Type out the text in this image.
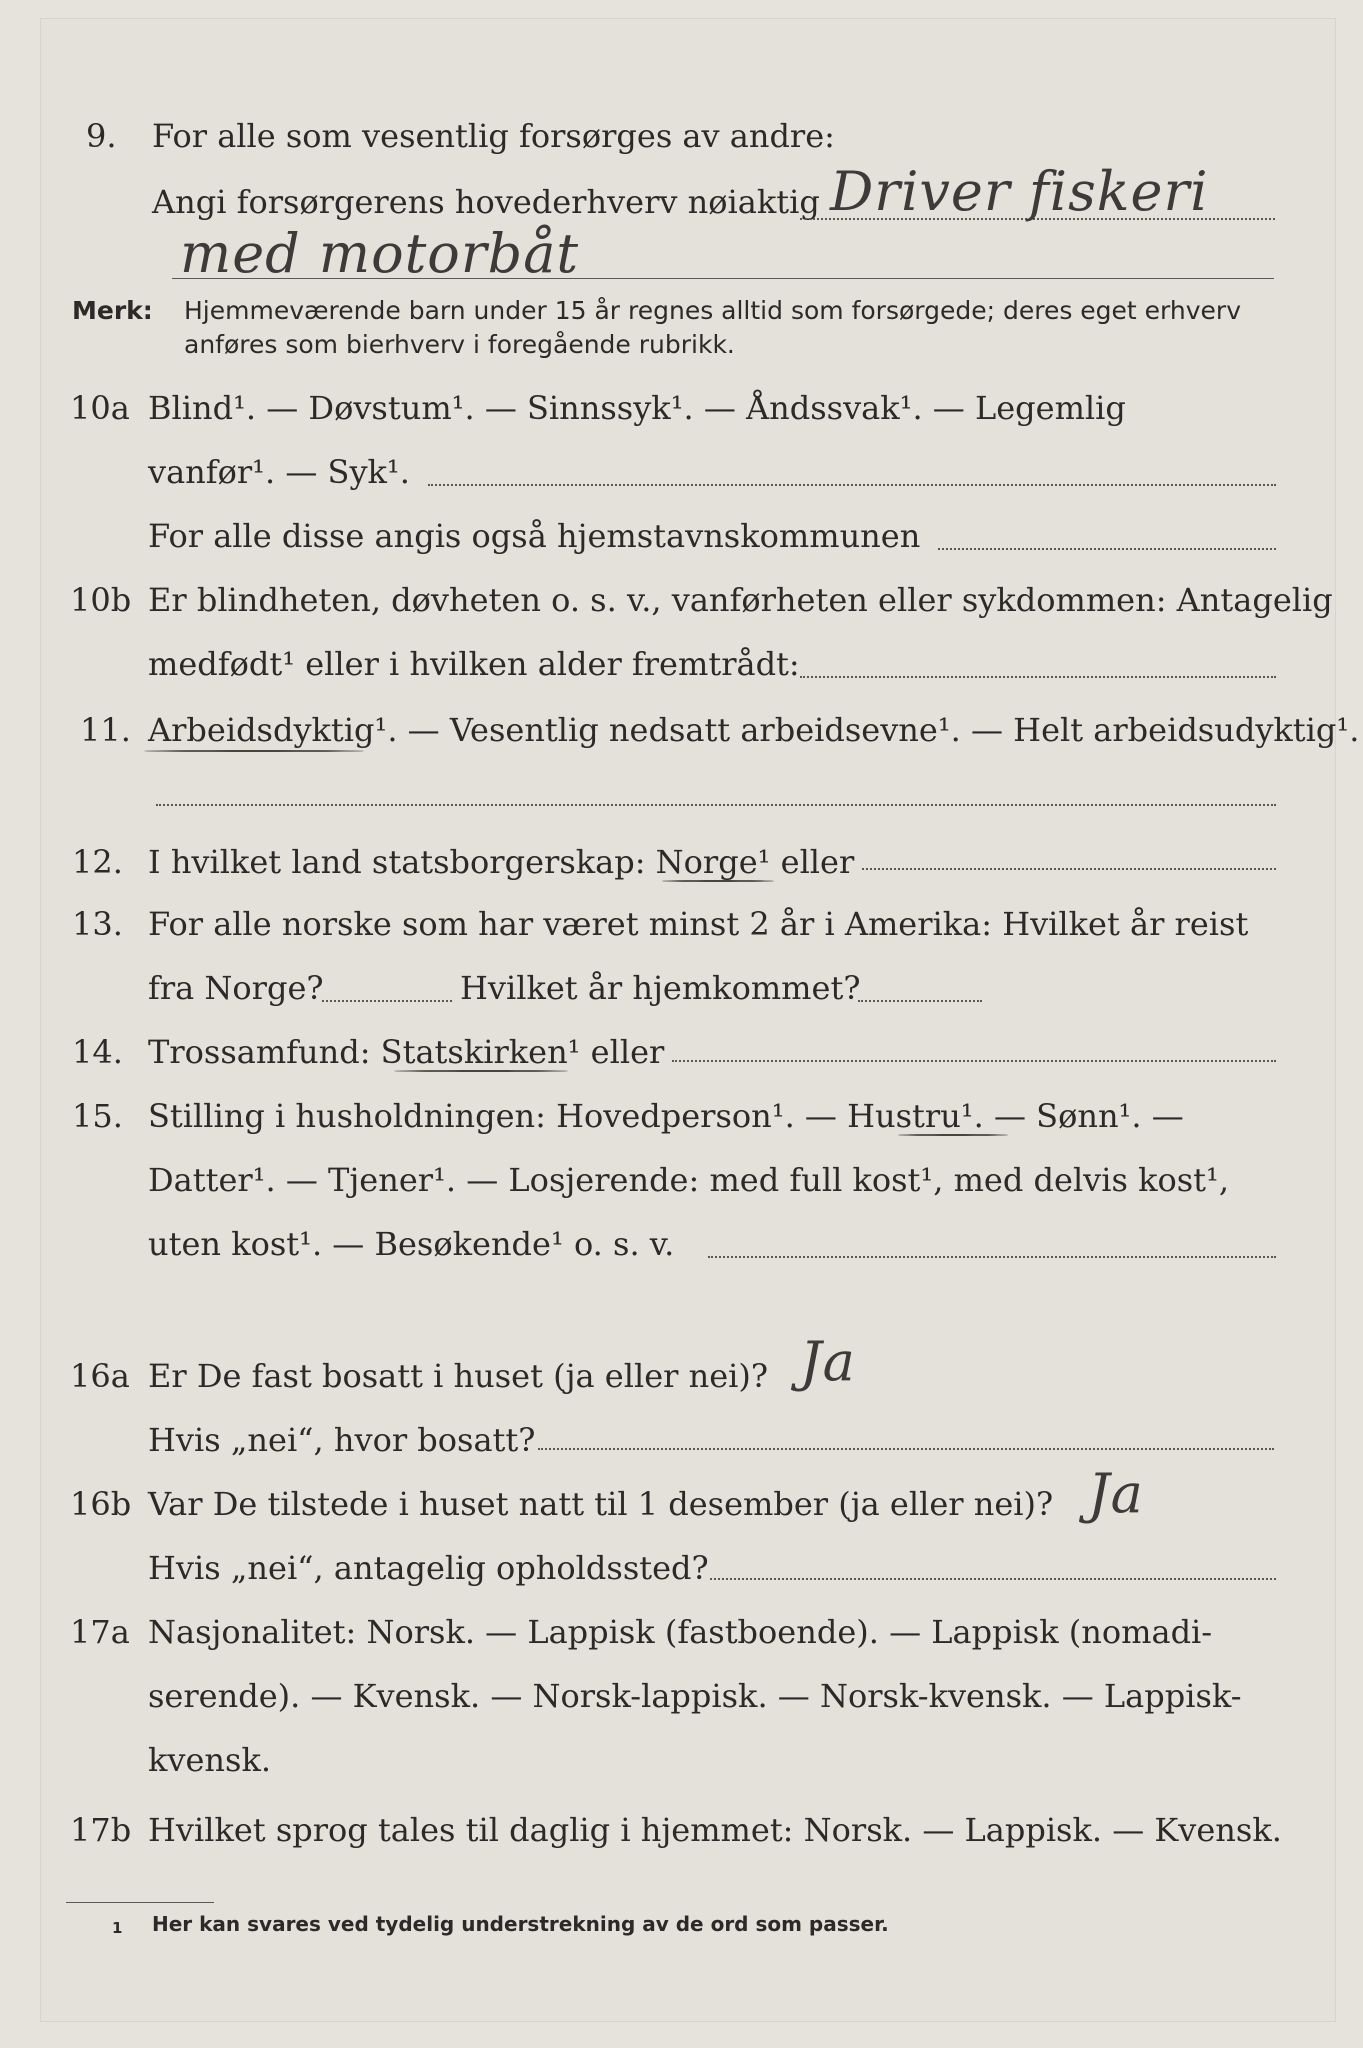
9. For alle som vesentlig forsørges av andre:
Angi forsørgerens hovederhverv nøiaktig Driver fiskeri
med motorbåt
Merk: Hjemmeværende barn under 15 år regnes alltid som forsørgede; deres eget erhverv
anføres som bierhverv i foregående rubrikk.
10a Blind¹. — Døvstum¹. — Sinnssyk¹. — Åndssvak¹. — Legemlig
vanfør¹. — Syk¹.
For alle disse angis også hjemstavnskommunen
10b Er blindheten, døvheten o. s. v., vanførheten eller sykdommen: Antagelig
medfødt¹ eller i hvilken alder fremtrådt:
11. Arbeidsdyktig¹. — Vesentlig nedsatt arbeidsevne¹. — Helt arbeidsudyktig¹.
12. I hvilket land statsborgerskap: Norge¹ eller
13. For alle norske som har været minst 2 år i Amerika: Hvilket år reist
fra Norge?	Hvilket år hjemkommet?
14. Trossamfund: Statskirken¹ eller
15. Stilling i husholdningen: Hovedperson¹. — Hustru¹. — Sønn¹. —
Datter¹. — Tjener¹. — Losjerende: med full kost¹, med delvis kost¹,
uten kost¹. — Besøkende¹ o. s. v.
16a Er De fast bosatt i huset (ja eller nei)? Ja
Hvis „nei“, hvor bosatt?
16b Var De tilstede i huset natt til 1 desember (ja eller nei)? Ja
Hvis „nei“, antagelig opholdssted?
17a Nasjonalitet: Norsk. — Lappisk (fastboende). — Lappisk (nomadi-
serende). — Kvensk. — Norsk-lappisk. — Norsk-kvensk. — Lappisk-
kvensk.
17b Hvilket sprog tales til daglig i hjemmet: Norsk. — Lappisk. — Kvensk.
1 Her kan svares ved tydelig understrekning av de ord som passer.
